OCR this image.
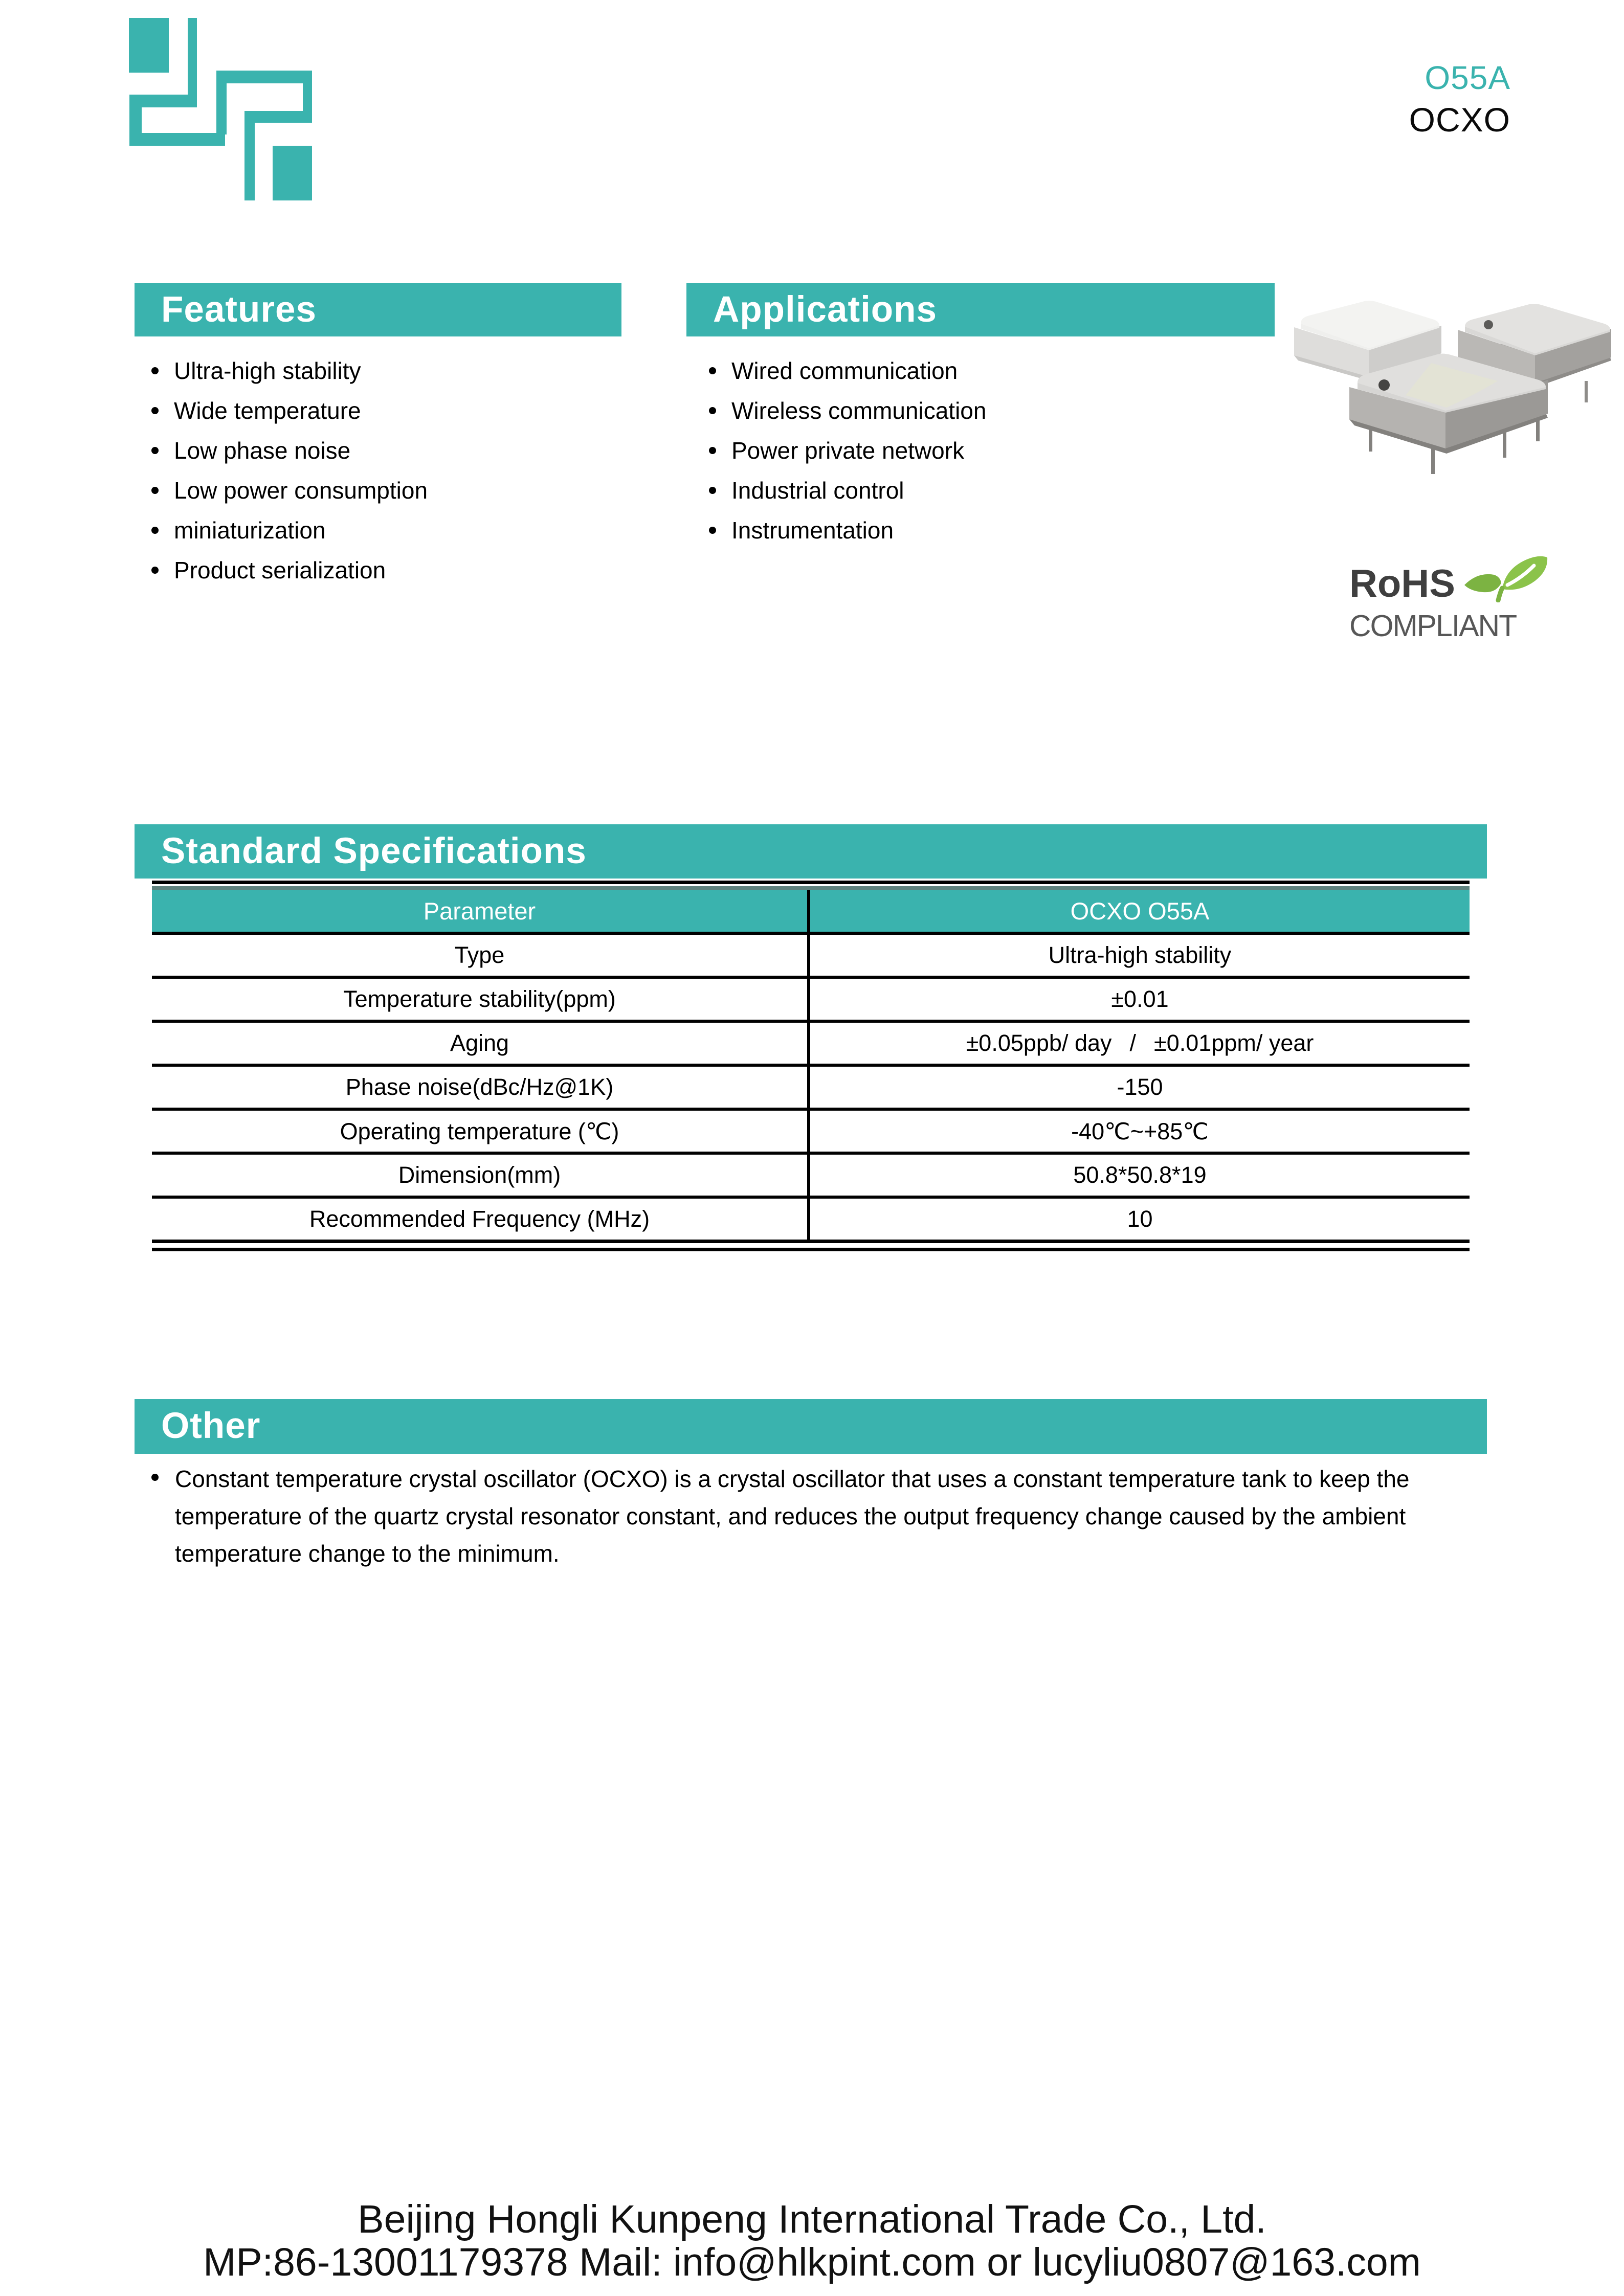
O55A
OCXO
Features
Ultra-high stability
Wide temperature
Low phase noise
Low power consumption
miniaturization
Product serialization
Applications
Wired communication
Wireless communication
Power private network
Industrial control
Instrumentation
RoHS
COMPLIANT
Standard Specifications
Parameter	OCXO O55A
Type	Ultra-high stability
Temperature stability(ppm)	±0.01
Aging	±0.05ppb/ day  /  ±0.01ppm/ year
Phase noise(dBc/Hz@1K)	-150
Operating temperature (℃)	-40℃~+85℃
Dimension(mm)	50.8*50.8*19
Recommended Frequency (MHz)	10
Other
Constant temperature crystal oscillator (OCXO) is a crystal oscillator that uses a constant temperature tank to keep the temperature of the quartz crystal resonator constant, and reduces the output frequency change caused by the ambient temperature change to the minimum.
Beijing Hongli Kunpeng International Trade Co., Ltd.
MP:86-13001179378 Mail: info@hlkpint.com or lucyliu0807@163.com
